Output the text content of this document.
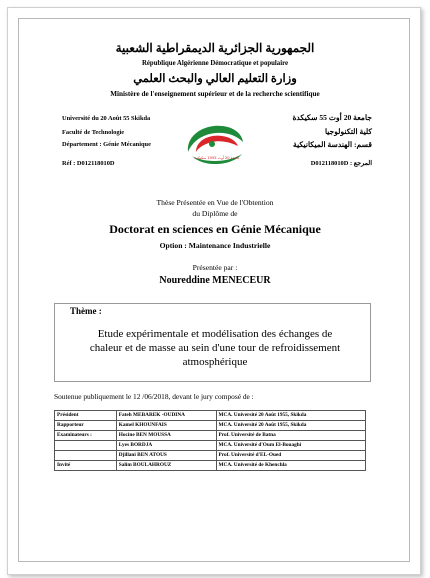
الجمهورية الجزائرية الديمقراطية الشعبية
République Algérienne Démocratique et populaire
وزارة التعليم العالي والبحث العلمي
Ministère de l'enseignement supérieur et de la recherche scientifique
Université du 20 Août 55 Skikda
Faculté de Technologie
Département : Génie Mécanique
Réf : D012118010D
جامعة 20 أوت 55 سكيكدة
كلية التكنولوجيا
قسم: الهندسة الميكانيكية
D012118010D : المرجع
جامعة 20 أوت 1955 سكيكدة
Thèse Présentée en Vue de l'Obtention
du Diplôme de
Doctorat en sciences en Génie Mécanique
Option : Maintenance Industrielle
Présentée par :
Noureddine MENECEUR
Thème :
Etude expérimentale et modélisation des échanges de
chaleur et de masse au sein d'une tour de refroidissement
atmosphérique
Soutenue publiquement le 12 /06/2018, devant le jury composé de :
Président	Fateh MEBAREK -OUDINA	MCA. Université 20 Août 1955, Skikda
Rapporteur	Kamel KHOUNFAIS	MCA. Université 20 Août 1955, Skikda
Examinateurs :	Hocine BEN MOUSSA	Prof. Université de Batna
	Lyes BORDJA	MCA. Université d'Oum El-Bouaghi
	Djillani BEN ATOUS	Prof. Université d'EL-Oued
Invité	Salim BOULAHROUZ	MCA. Université de Khenchla
